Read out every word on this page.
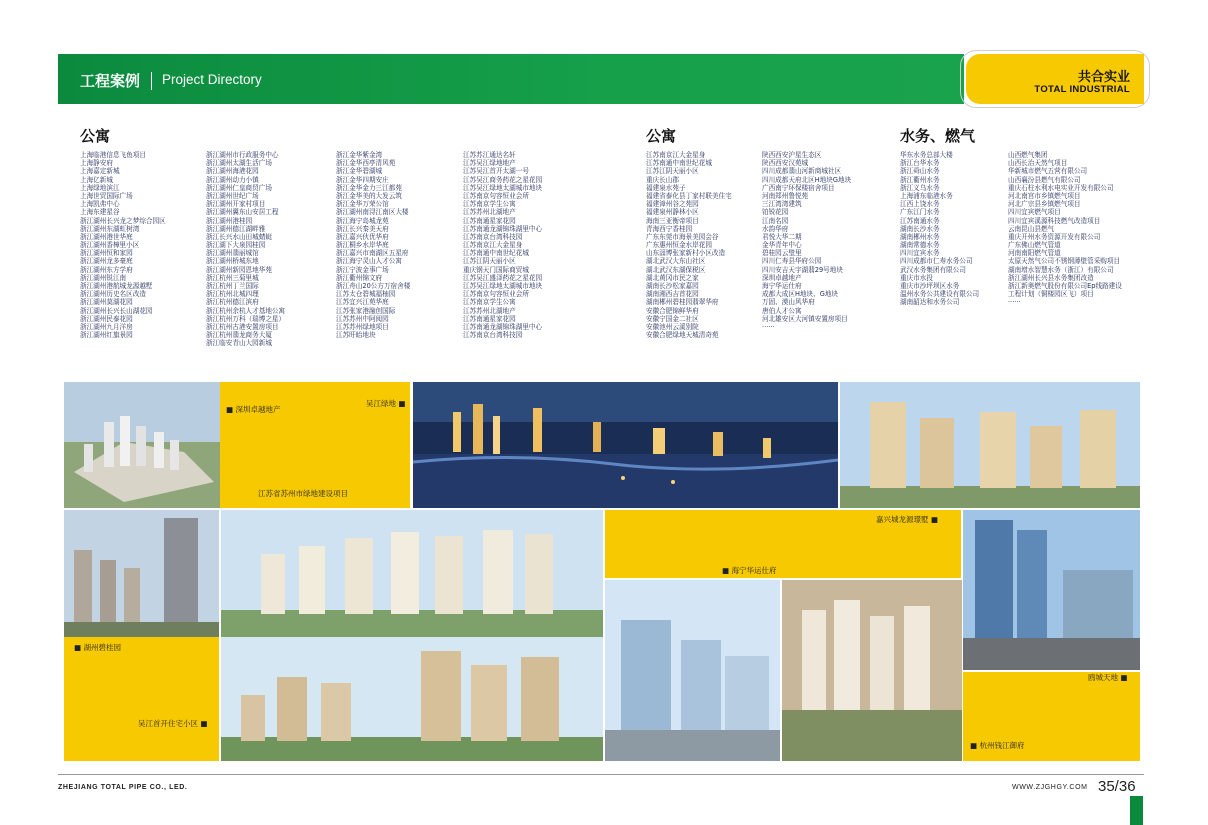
工程案例 Project Directory	共合实业
TOTAL INDUSTRIAL
公寓	公寓	水务、燃气
上海临港信息飞鱼项目
上海静安府
上海嘉定新城
上海亿新城
上海绿地滨江
上海世贸国际广场
上海凯弗中心
上海东建星谷
浙江湖州长兴龙之梦综合园区
浙江湖州东湖虹树湾
浙江湖州港世华庭
浙江湖州香樟里小区
浙江湖州恒和家园
浙江湖州龙多豪庭
浙江湖州东方学府
浙江湖州锐江南
浙江湖州港航城龙源越墅
浙江湖州历史名区改造
浙江湖州莫湖花园
浙江湖州长兴长山湖花园
浙江湖州民泰花园
浙江湖州九月洋房
浙江湖州红旗景园
浙江湖州市行政服务中心
浙江湖州太湖生活广场
浙江湖州海港花园
浙江湖州动力小镇
浙江湖州仁皇商贸广场
浙江湖州世纪广场
浙江湖州开家村项目
浙江湖州翼东山安居工程
浙江湖州港桂园
浙江湖州德江湖畔雅
浙江长兴水山田城蜻蜓
浙江湖下大泉园桂园
浙江湖州翡丽城馆
浙江湖州桥城东地
浙江湖州新园恩地华苑
浙江杭州三菊里城
浙江杭州丁兰国际
浙江杭州北城四理
浙江杭州德江滨府
浙江杭州余杭人才基地公寓
浙江杭州万科（瑞博之星）
浙江杭州古港安置房项目
浙江杭州翡龙商务大厦
浙江临安青山大园新城
浙江金华紫金湾
浙江金华西亭清风苑
浙江金华碧湖城
浙江金华四期安庄
浙江金华金力三江都苑
浙江金华美的大发云筑
浙江金华万荣公馆
浙江湖州南浔江南区大楼
浙江海宁岛城龙苑
浙江长兴秦美天府
浙江嘉兴伙优华府
浙江桐乡水岸华庭
浙江嘉兴市南湖区五星府
浙江海宁灵山人才公寓
浙江宁波金事广场
浙江衢州锦文府
浙江舟山20公方万宿舍楼
江苏太仓碧城福柚园
江苏宜兴江苑华庭
江苏张家港融创国际
江苏苏州中阿阅园
江苏苏州绿地项目
江苏盱眙地块
江苏苏江通达名轩
江苏吴江绿地地产
江苏吴江首开太湖一号
江苏吴江商务药花之星花园
江苏吴江绿地太湖城市地块
江苏南京句容恒业会所
江苏南京学生公寓
江苏苏州北湖地产
江苏南通星家花园
江苏南通龙湖锦珠湖里中心
江苏南京台湾科技园
江苏南京江大金星身
江苏南通中南世纪花城
江苏江阴天丽小区
重庆钢天门国际商贸城
江苏吴江盛泽药花之星花园
江苏吴江绿地太湖城市地块
江苏南京句容恒业会所
江苏南京学生公寓
江苏苏州北湖地产
江苏南通星家花园
江苏南通龙湖锦珠湖里中心
江苏南京台湾科技园
江苏南京江大金星身
江苏南通中南世纪花城
江苏江阴天丽小区
重庆长山郡
福建泉水苑子
福建省泰化县丁家村联美住宅
福建漳州谷之苑园
福建泉州静林小区
海南三亚衡帝项目
青海西宁香桂园
广东东莞市海景美园会谷
广东惠州恒金水岸花园
山东淄博张家新村小区改造
湖北武汉大东山社区
湖北武汉东湖保税区
湖北黄冈市民之家
湖南长沙松家嘉园
湖南湘西吉首花园
湖南郴州碧桂园翡翠华府
安徽合肥锦鲜华府
安徽宁国金二社区
安徽池州云溪别院
安徽合肥绿地天城清奇苑
陕西西安沪星生态区
陕西西安汉苑城
四川成都翡山河新商城社区
四川成都天府北区H地块G地块
广西南宁环保楼宿舍项目
河南郑州鲁悦苑
三江湾湾建筑
铂锐花园
江南名园
水韵华府
君悦大华二期
金华青年中心
碧桂园云璧里
四川仁寿县华府公园
四川安吉天宇湖翡29号地块
深圳卓越地产
海宁华运仕府
成都大成区H地块、G地块
万固、漠山风华府
唐伯人才公寓
河北雄安区大河镇安置房项目
······
华东水务总部大楼
浙江台华水务
浙江舜山水务
浙江衢州水务
浙江义乌水务
上海浦东临港水务
江西上饶水务
广东江门水务
江苏南通水务
湖南长沙水务
湖南郴州水务
湖南常德水务
四川宜宾水务
四川成都市仁寿水务公司
武汉水务集团有限公司
重庆市水投
重庆市沙坪坝区水务
温州水务公共建设有限公司
湖南韶达和水务公司
山西燃气集团
山西长治天然气项目
华新城市燃气五营有限公司
山西襄汾县燃气有限公司
重庆石柱水利水电实业开发有限公司
河北南宫市乡镇燃气项目
河北广宗县乡镇燃气项目
四川宜宾燃气项目
四川宜宾溪源科技燃气改造项目
云南昆山县燃气
重庆开州水务资源开发有限公司
广东佛山燃气管道
河南南阳燃气管道
太原天然气公司不锈钢薄壁管采购项目
湖南增水智慧水务（浙江）有限公司
浙江湖州长兴县水务集团改造
浙江新奥燃气股份有限公司Ep线路建设
工程计划（铜楼园区飞）项目
······
■ 深圳卓越地产
吴江绿地 ■
江苏省苏州市绿地建设项目
嘉兴城龙源璟墅 ■
■ 海宁华运仕府
■ 湖州碧桂园
吴江首开住宅小区 ■
鸥城天地 ■
■ 杭州钱江御府
ZHEJIANG TOTAL PIPE CO., LED.	WWW.ZJGHGY.COM 35/36
